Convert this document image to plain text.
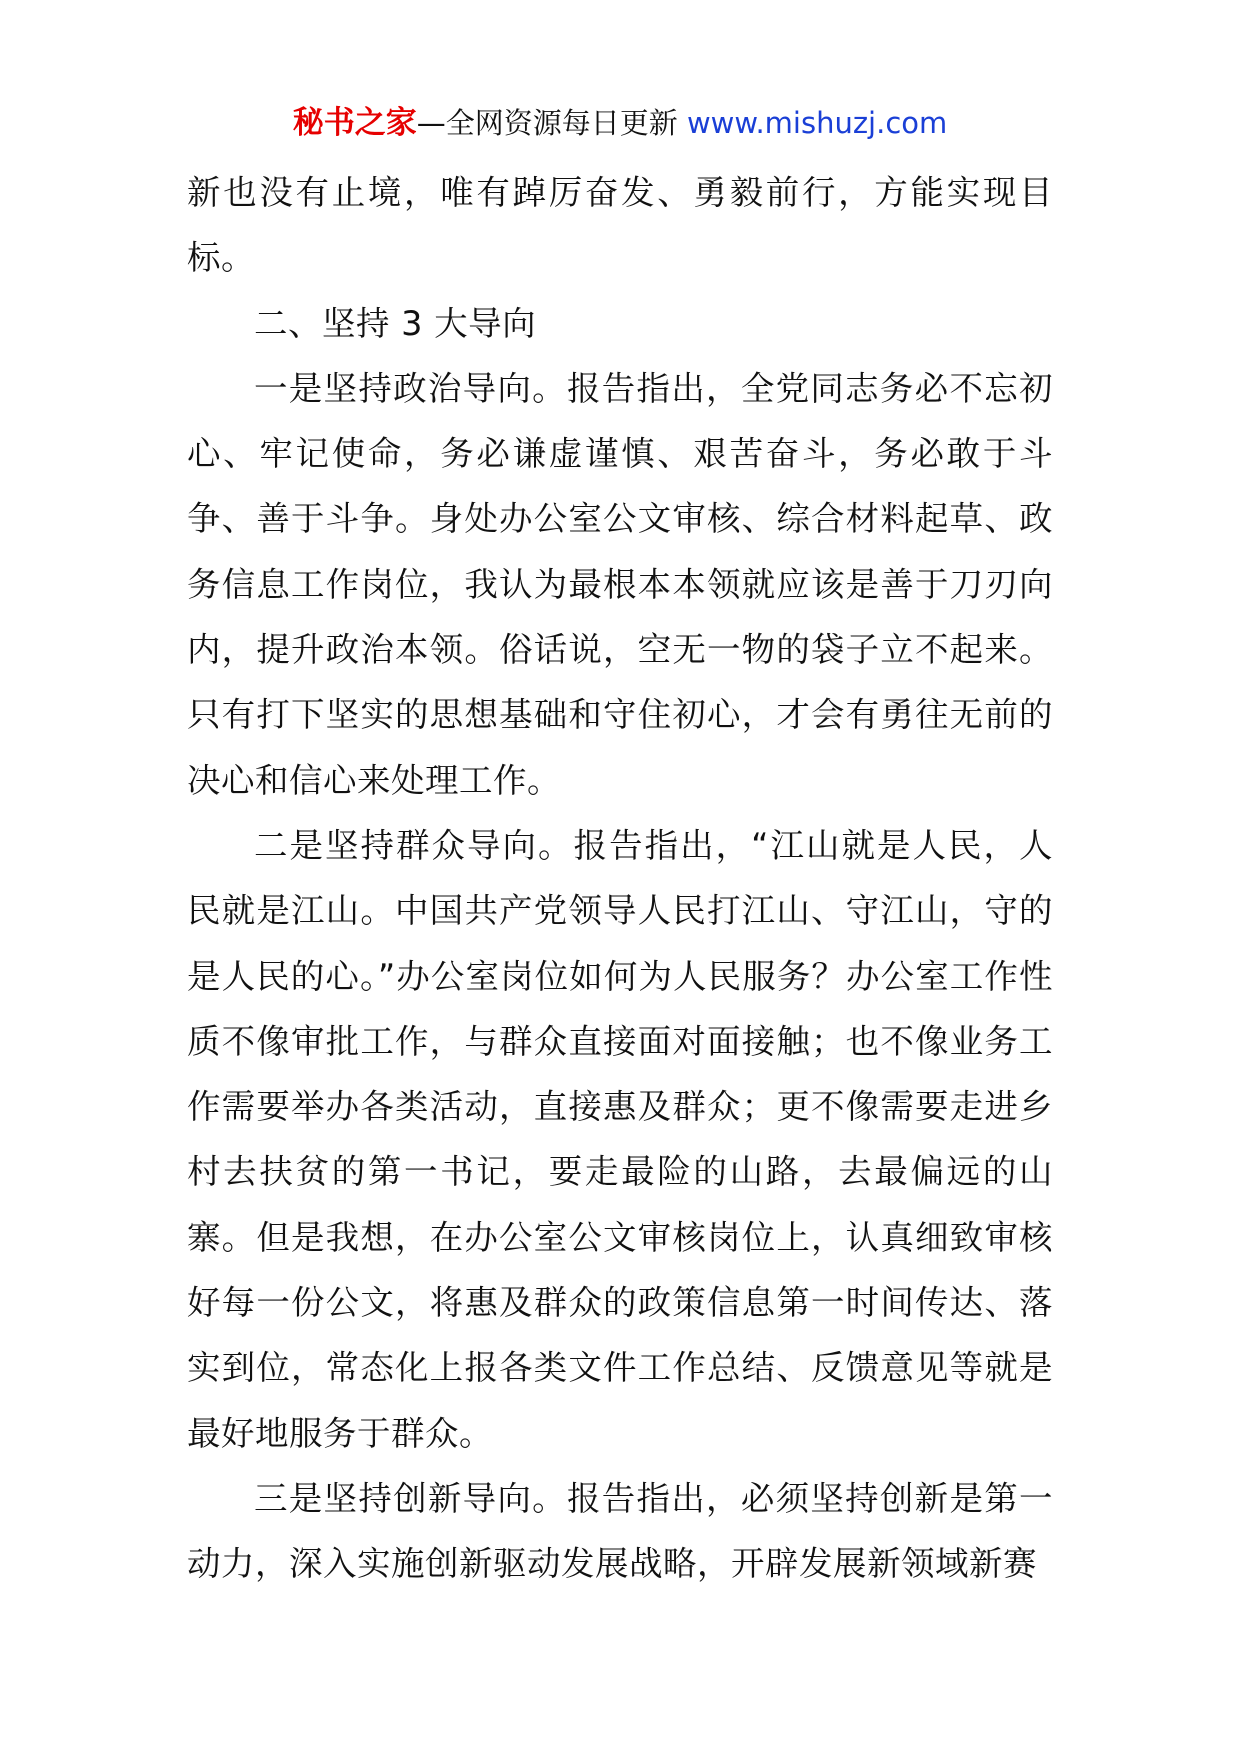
秘书之家—全网资源每日更新 www.mishuzj.com

新也没有止境，唯有踔厉奋发、勇毅前行，方能实现目标。

二、坚持 3 大导向

一是坚持政治导向。报告指出，全党同志务必不忘初心、牢记使命，务必谦虚谨慎、艰苦奋斗，务必敢于斗争、善于斗争。身处办公室公文审核、综合材料起草、政务信息工作岗位，我认为最根本本领就应该是善于刀刃向内，提升政治本领。俗话说，空无一物的袋子立不起来。只有打下坚实的思想基础和守住初心，才会有勇往无前的决心和信心来处理工作。

二是坚持群众导向。报告指出，“江山就是人民，人民就是江山。中国共产党领导人民打江山、守江山，守的是人民的心。”办公室岗位如何为人民服务？办公室工作性质不像审批工作，与群众直接面对面接触；也不像业务工作需要举办各类活动，直接惠及群众；更不像需要走进乡村去扶贫的第一书记，要走最险的山路，去最偏远的山寨。但是我想，在办公室公文审核岗位上，认真细致审核好每一份公文，将惠及群众的政策信息第一时间传达、落实到位，常态化上报各类文件工作总结、反馈意见等就是最好地服务于群众。

三是坚持创新导向。报告指出，必须坚持创新是第一动力，深入实施创新驱动发展战略，开辟发展新领域新赛
